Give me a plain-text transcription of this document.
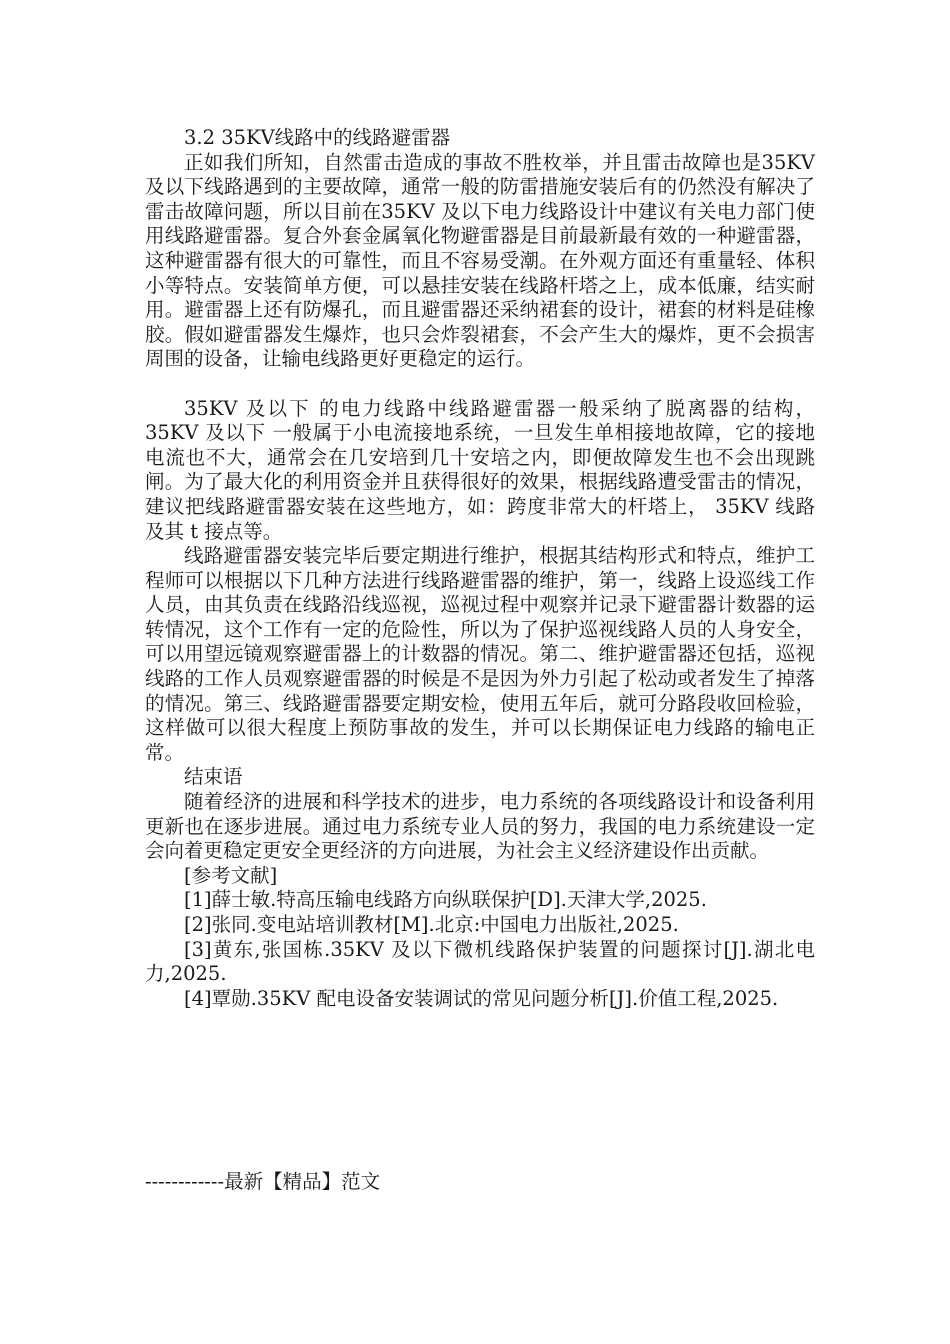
3.2 35KV线路中的线路避雷器

正如我们所知，自然雷击造成的事故不胜枚举，并且雷击故障也是35KV 及以下线路遇到的主要故障，通常一般的防雷措施安装后有的仍然没有解决了雷击故障问题，所以目前在35KV 及以下电力线路设计中建议有关电力部门使用线路避雷器。复合外套金属氧化物避雷器是目前最新最有效的一种避雷器，这种避雷器有很大的可靠性，而且不容易受潮。在外观方面还有重量轻、体积小等特点。安装简单方便，可以悬挂安装在线路杆塔之上，成本低廉，结实耐用。避雷器上还有防爆孔，而且避雷器还采纳裙套的设计，裙套的材料是硅橡胶。假如避雷器发生爆炸，也只会炸裂裙套，不会产生大的爆炸，更不会损害周围的设备，让输电线路更好更稳定的运行。

35KV 及以下 的电力线路中线路避雷器一般采纳了脱离器的结构， 35KV 及以下 一般属于小电流接地系统，一旦发生单相接地故障，它的接地电流也不大，通常会在几安培到几十安培之内，即便故障发生也不会出现跳闸。为了最大化的利用资金并且获得很好的效果，根据线路遭受雷击的情况，建议把线路避雷器安装在这些地方，如：跨度非常大的杆塔上， 35KV 线路及其 t 接点等。

线路避雷器安装完毕后要定期进行维护，根据其结构形式和特点，维护工程师可以根据以下几种方法进行线路避雷器的维护，第一，线路上设巡线工作人员，由其负责在线路沿线巡视，巡视过程中观察并记录下避雷器计数器的运转情况，这个工作有一定的危险性，所以为了保护巡视线路人员的人身安全，可以用望远镜观察避雷器上的计数器的情况。第二、维护避雷器还包括，巡视线路的工作人员观察避雷器的时候是不是因为外力引起了松动或者发生了掉落的情况。第三、线路避雷器要定期安检，使用五年后，就可分路段收回检验，这样做可以很大程度上预防事故的发生，并可以长期保证电力线路的输电正常。

结束语

随着经济的进展和科学技术的进步，电力系统的各项线路设计和设备利用更新也在逐步进展。通过电力系统专业人员的努力，我国的电力系统建设一定会向着更稳定更安全更经济的方向进展，为社会主义经济建设作出贡献。

[参考文献]

[1]薛士敏.特高压输电线路方向纵联保护[D].天津大学,2025.

[2]张同.变电站培训教材[M].北京:中国电力出版社,2025.

[3]黄东,张国栋.35KV 及以下微机线路保护装置的问题探讨[J].湖北电力,2025.

[4]覃勋.35KV 配电设备安装调试的常见问题分析[J].价值工程,2025.

------------最新【精品】范文
